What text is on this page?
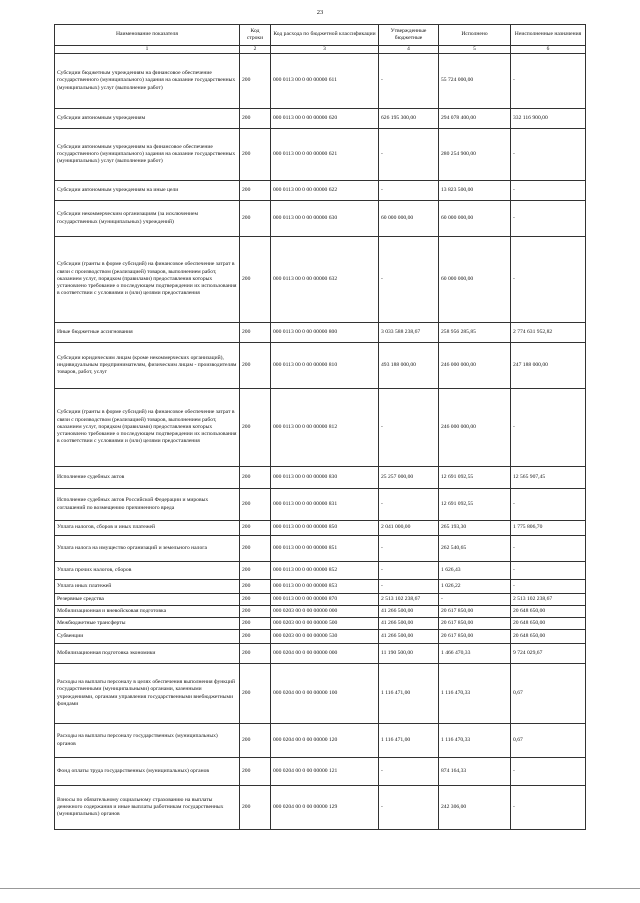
23
Наименование показателя	Код строки	Код расхода по бюджетной классификации	Утвержденные бюджетные	Исполнено	Неисполненные назначения
1	2	3	4	5	6
Субсидии бюджетным учреждениям на финансовое обеспечение государственного (муниципального) задания на оказание государственных (муниципальных) услуг (выполнение работ)	200	000 0113 00 0 00 00000 611	-	55 724 000,00	-
Субсидии автономным учреждениям	200	000 0113 00 0 00 00000 620	626 195 300,00	294 078 400,00	332 116 900,00
Субсидии автономным учреждениям на финансовое обеспечение государственного (муниципального) задания на оказание государственных (муниципальных) услуг (выполнение работ)	200	000 0113 00 0 00 00000 621	-	280 254 900,00	-
Субсидии автономным учреждениям на иные цели	200	000 0113 00 0 00 00000 622	-	13 823 500,00	-
Субсидии некоммерческим организациям (за исключением государственных (муниципальных) учреждений)	200	000 0113 00 0 00 00000 630	60 000 000,00	60 000 000,00	-
Субсидии (гранты в форме субсидий) на финансовое обеспечение затрат в связи с производством (реализацией) товаров, выполнением работ, оказанием услуг, порядком (правилами) предоставления которых установлено требование о последующем подтверждении их использования в соответствии с условиями и (или) целями предоставления	200	000 0113 00 0 00 00000 632	-	60 000 000,00	-
Иные бюджетные ассигнования	200	000 0113 00 0 00 00000 800	3 033 588 238,67	258 956 285,85	2 774 631 952,82
Субсидии юридическим лицам (кроме некоммерческих организаций), индивидуальным предпринимателям, физическим лицам - производителям товаров, работ, услуг	200	000 0113 00 0 00 00000 810	493 188 000,00	246 000 000,00	247 188 000,00
Субсидии (гранты в форме субсидий) на финансовое обеспечение затрат в связи с производством (реализацией) товаров, выполнением работ, оказанием услуг, порядком (правилами) предоставления которых установлено требование о последующем подтверждении их использования в соответствии с условиями и (или) целями предоставления	200	000 0113 00 0 00 00000 812	-	246 000 000,00	-
Исполнение судебных актов	200	000 0113 00 0 00 00000 830	25 257 000,00	12 691 092,55	12 565 907,45
Исполнение судебных актов Российской Федерации и мировых соглашений по возмещению причиненного вреда	200	000 0113 00 0 00 00000 831	-	12 691 092,55	-
Уплата налогов, сборов и иных платежей	200	000 0113 00 0 00 00000 850	2 041 000,00	265 193,30	1 775 806,70
Уплата налога на имущество организаций и земельного налога	200	000 0113 00 0 00 00000 851	-	262 540,65	-
Уплата прочих налогов, сборов	200	000 0113 00 0 00 00000 852	-	1 626,43	-
Уплата иных платежей	200	000 0113 00 0 00 00000 853	-	1 026,22	-
Резервные средства	200	000 0113 00 0 00 00000 870	2 513 102 238,67	-	2 513 102 238,67
Мобилизационная и вневойсковая подготовка	200	000 0203 00 0 00 00000 000	41 266 500,00	20 617 850,00	20 648 650,00
Межбюджетные трансферты	200	000 0203 00 0 00 00000 500	41 266 500,00	20 617 850,00	20 648 650,00
Субвенции	200	000 0203 00 0 00 00000 530	41 266 500,00	20 617 850,00	20 648 650,00
Мобилизационная подготовка экономики	200	000 0204 00 0 00 00000 000	11 190 500,00	1 466 470,33	9 724 029,67
Расходы на выплаты персоналу в целях обеспечения выполнения функций государственными (муниципальными) органами, казенными учреждениями, органами управления государственными внебюджетными фондами	200	000 0204 00 0 00 00000 100	1 116 471,00	1 116 470,33	0,67
Расходы на выплаты персоналу государственных (муниципальных) органов	200	000 0204 00 0 00 00000 120	1 116 471,00	1 116 470,33	0,67
Фонд оплаты труда государственных (муниципальных) органов	200	000 0204 00 0 00 00000 121	-	874 164,33	-
Взносы по обязательному социальному страхованию на выплаты денежного содержания и иные выплаты работникам государственных (муниципальных) органов	200	000 0204 00 0 00 00000 129	-	242 306,00	-
